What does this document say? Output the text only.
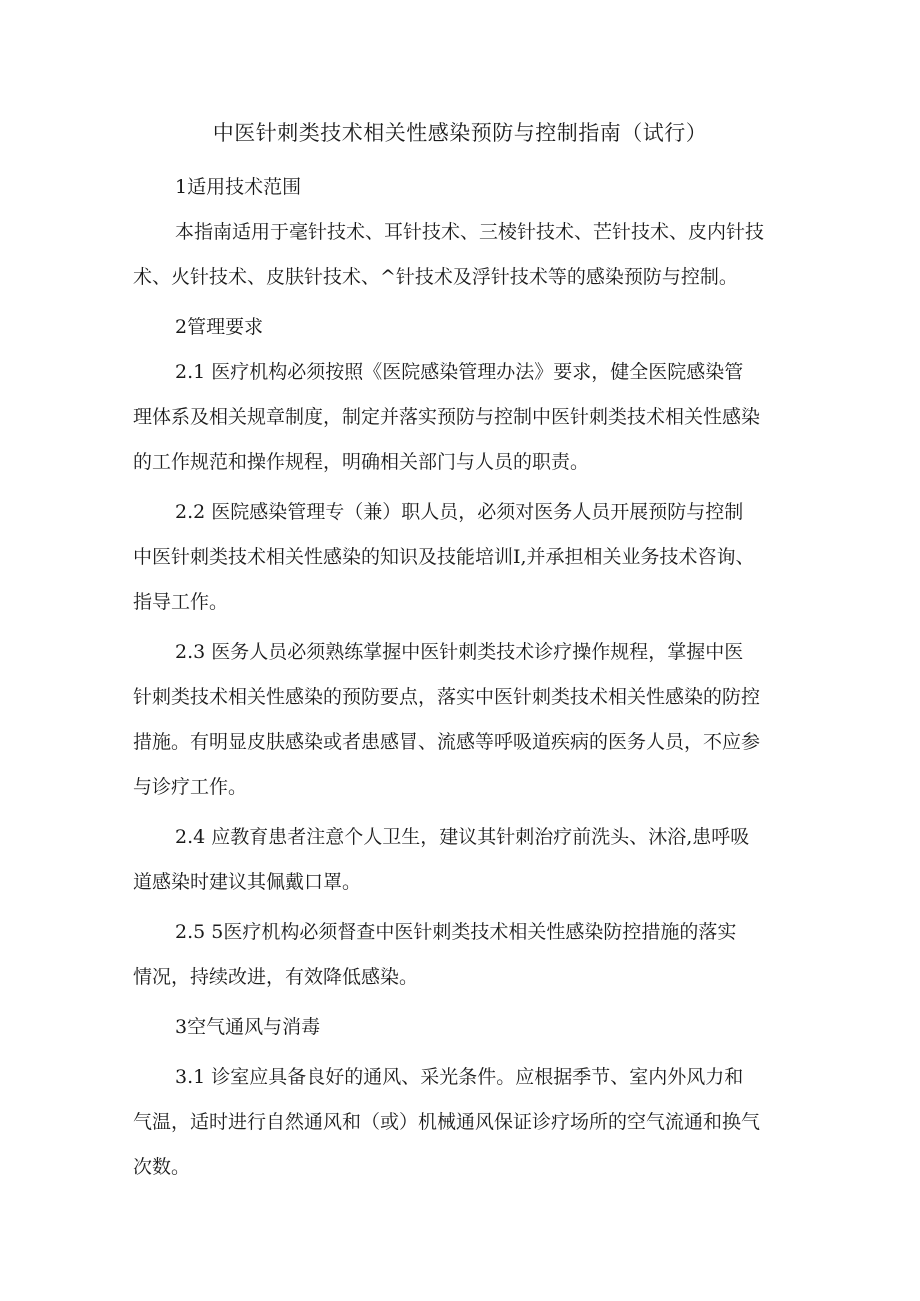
中医针刺类技术相关性感染预防与控制指南（试行）
1适用技术范围
本指南适用于毫针技术、耳针技术、三棱针技术、芒针技术、皮内针技
术、火针技术、皮肤针技术、^针技术及浮针技术等的感染预防与控制。
2管理要求
2.1 医疗机构必须按照《医院感染管理办法》要求，健全医院感染管
理体系及相关规章制度，制定并落实预防与控制中医针刺类技术相关性感染
的工作规范和操作规程，明确相关部门与人员的职责。
2.2 医院感染管理专（兼）职人员，必须对医务人员开展预防与控制
中医针刺类技术相关性感染的知识及技能培训I,并承担相关业务技术咨询、
指导工作。
2.3 医务人员必须熟练掌握中医针刺类技术诊疗操作规程，掌握中医
针刺类技术相关性感染的预防要点，落实中医针刺类技术相关性感染的防控
措施。有明显皮肤感染或者患感冒、流感等呼吸道疾病的医务人员，不应参
与诊疗工作。
2.4 应教育患者注意个人卫生，建议其针刺治疗前洗头、沐浴,患呼吸
道感染时建议其佩戴口罩。
2.5 5医疗机构必须督查中医针刺类技术相关性感染防控措施的落实
情况，持续改进，有效降低感染。
3空气通风与消毒
3.1 诊室应具备良好的通风、采光条件。应根据季节、室内外风力和
气温，适时进行自然通风和（或）机械通风保证诊疗场所的空气流通和换气
次数。
